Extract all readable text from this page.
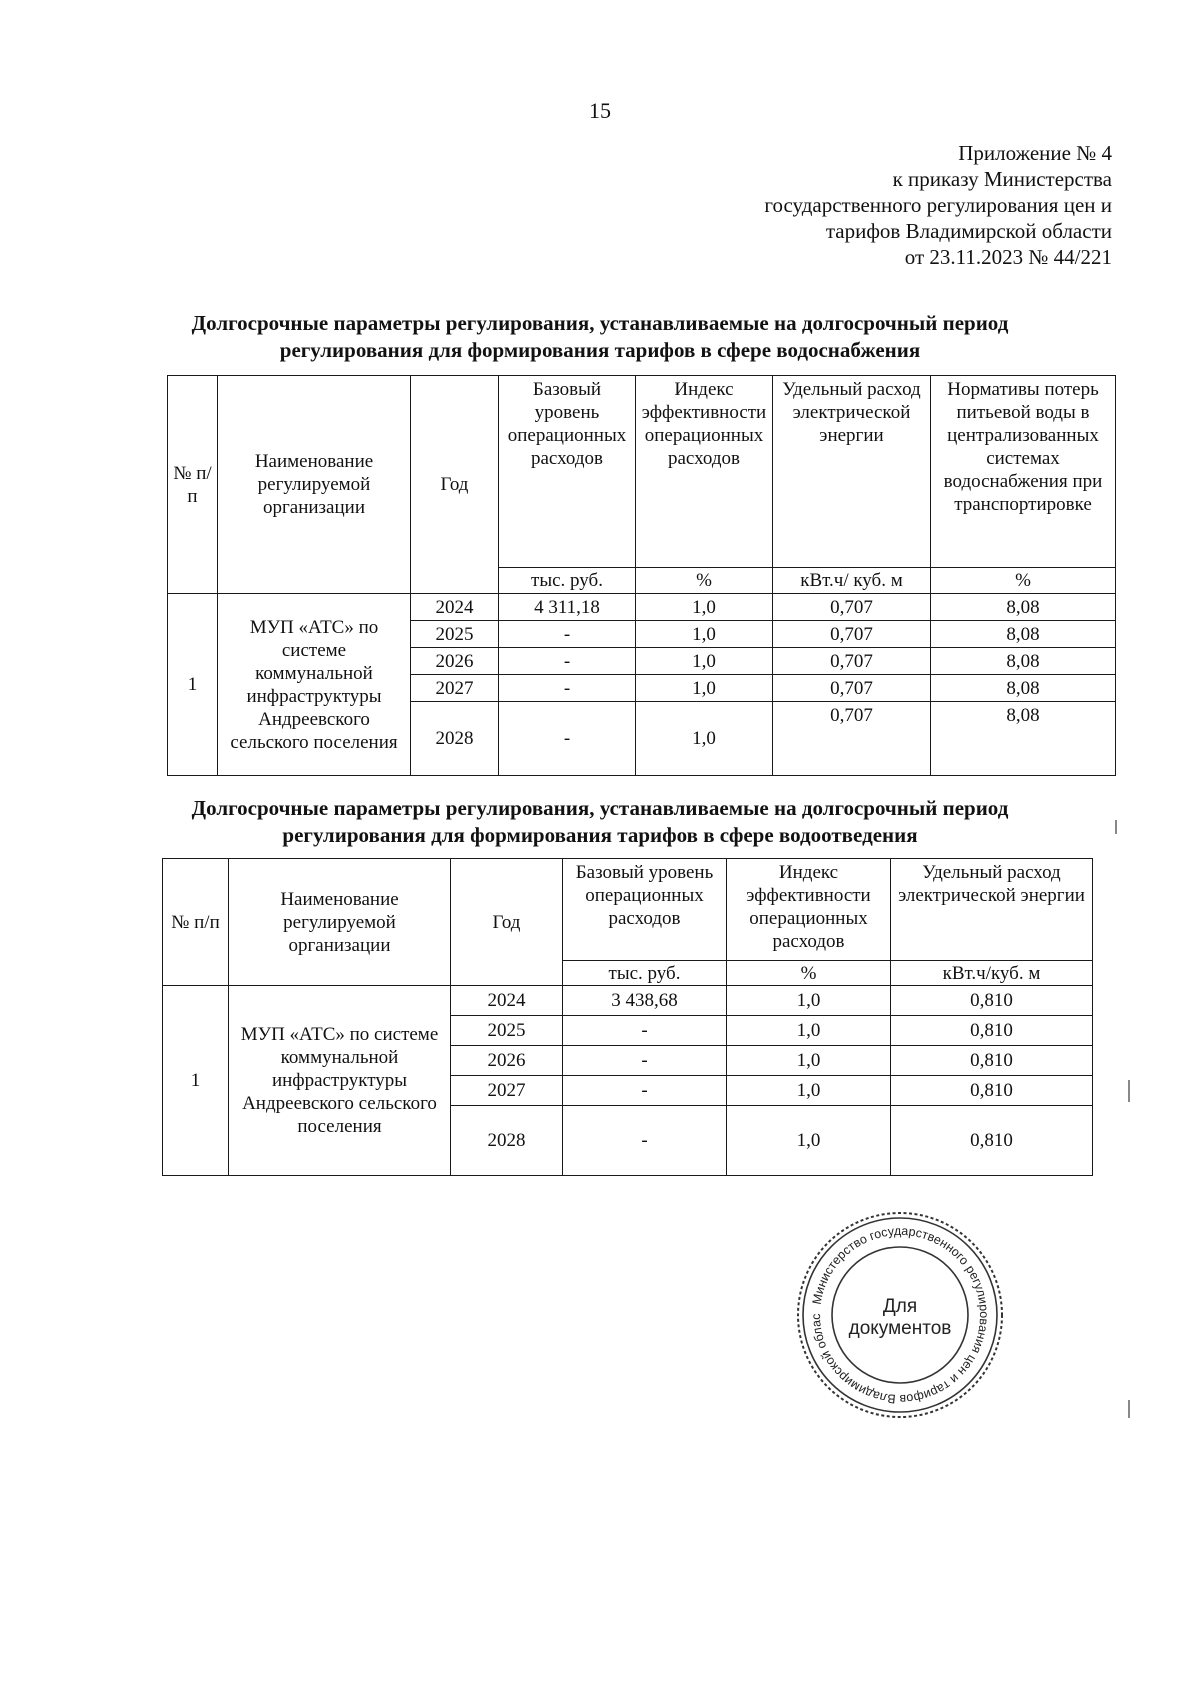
15
Приложение № 4
к приказу Министерства
государственного регулирования цен и
тарифов Владимирской области
от 23.11.2023 № 44/221
Долгосрочные параметры регулирования, устанавливаемые на долгосрочный период
регулирования для формирования тарифов в сфере водоснабжения
№ п/п	Наименование регулируемой организации	Год	Базовый уровень операционных расходов	Индекс эффективности операционных расходов	Удельный расход электрической энергии	Нормативы потерь питьевой воды в централизованных системах водоснабжения при транспортировке
			тыс. руб.	%	кВт.ч/ куб. м	%
1	МУП «АТС» по системе коммунальной инфраструктуры Андреевского сельского поселения	2024	4 311,18	1,0	0,707	8,08
		2025	-	1,0	0,707	8,08
		2026	-	1,0	0,707	8,08
		2027	-	1,0	0,707	8,08
		2028	-	1,0	0,707	8,08
Долгосрочные параметры регулирования, устанавливаемые на долгосрочный период
регулирования для формирования тарифов в сфере водоотведения
№ п/п	Наименование регулируемой организации	Год	Базовый уровень операционных расходов	Индекс эффективности операционных расходов	Удельный расход электрической энергии
			тыс. руб.	%	кВт.ч/куб. м
1	МУП «АТС» по системе коммунальной инфраструктуры Андреевского сельского поселения	2024	3 438,68	1,0	0,810
		2025	-	1,0	0,810
		2026	-	1,0	0,810
		2027	-	1,0	0,810
		2028	-	1,0	0,810
Министерство государственного регулирования цен и тарифов Владимирской облас	Для
документов
